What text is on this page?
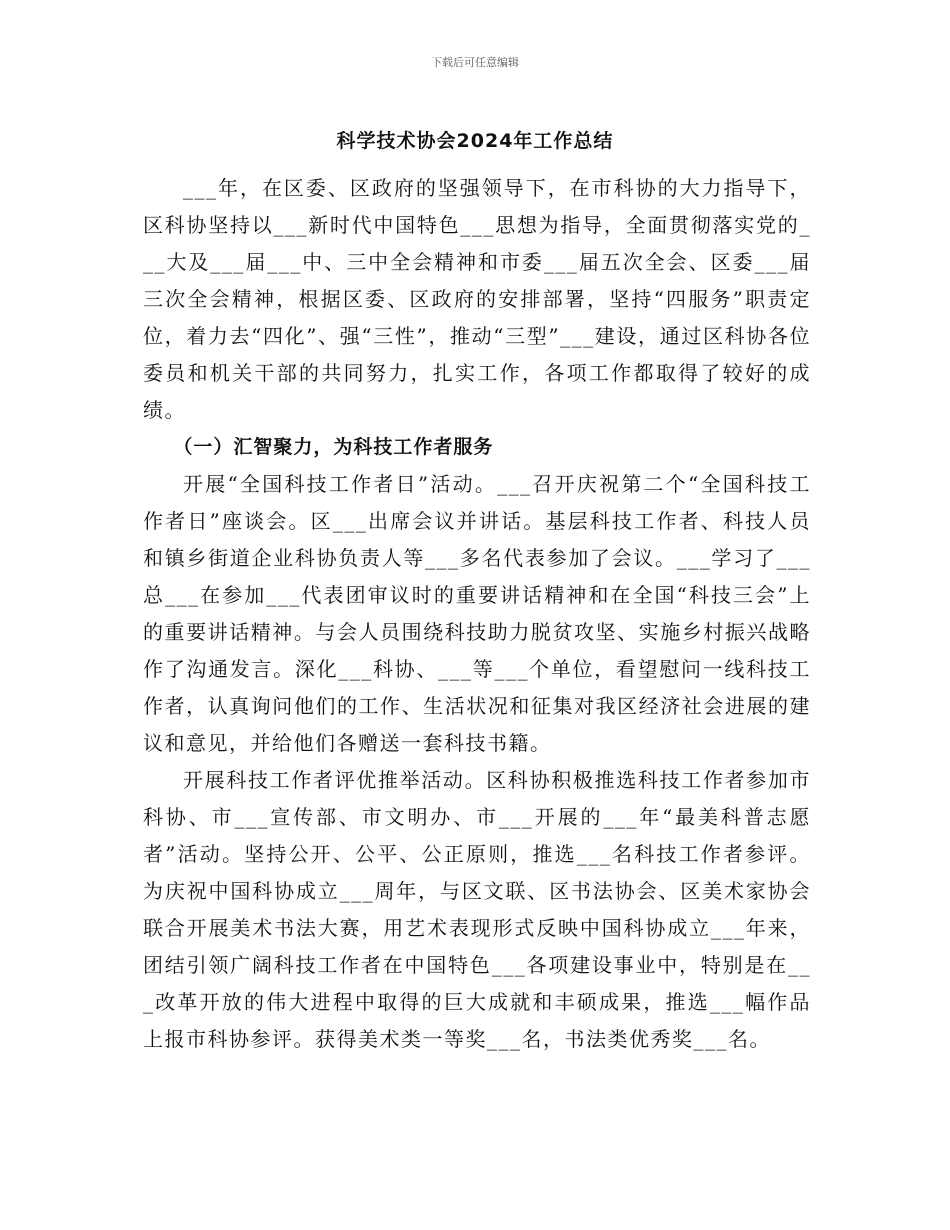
下载后可任意编辑
科学技术协会2024年工作总结

___年，在区委、区政府的坚强领导下，在市科协的大力指导下，区科协坚持以___新时代中国特色___思想为指导，全面贯彻落实党的___大及___届___中、三中全会精神和市委___届五次全会、区委___届三次全会精神，根据区委、区政府的安排部署，坚持“四服务”职责定位，着力去“四化”、强“三性”，推动“三型”___建设，通过区科协各位委员和机关干部的共同努力，扎实工作，各项工作都取得了较好的成绩。

（一）汇智聚力，为科技工作者服务

开展“全国科技工作者日”活动。___召开庆祝第二个“全国科技工作者日”座谈会。区___出席会议并讲话。基层科技工作者、科技人员和镇乡街道企业科协负责人等___多名代表参加了会议。___学习了___总___在参加___代表团审议时的重要讲话精神和在全国“科技三会”上的重要讲话精神。与会人员围绕科技助力脱贫攻坚、实施乡村振兴战略作了沟通发言。深化___科协、___等___个单位，看望慰问一线科技工作者，认真询问他们的工作、生活状况和征集对我区经济社会进展的建议和意见，并给他们各赠送一套科技书籍。

开展科技工作者评优推举活动。区科协积极推选科技工作者参加市科协、市___宣传部、市文明办、市___开展的___年“最美科普志愿者”活动。坚持公开、公平、公正原则，推选___名科技工作者参评。为庆祝中国科协成立___周年，与区文联、区书法协会、区美术家协会联合开展美术书法大赛，用艺术表现形式反映中国科协成立___年来，团结引领广阔科技工作者在中国特色___各项建设事业中，特别是在___改革开放的伟大进程中取得的巨大成就和丰硕成果，推选___幅作品上报市科协参评。获得美术类一等奖___名，书法类优秀奖___名。
